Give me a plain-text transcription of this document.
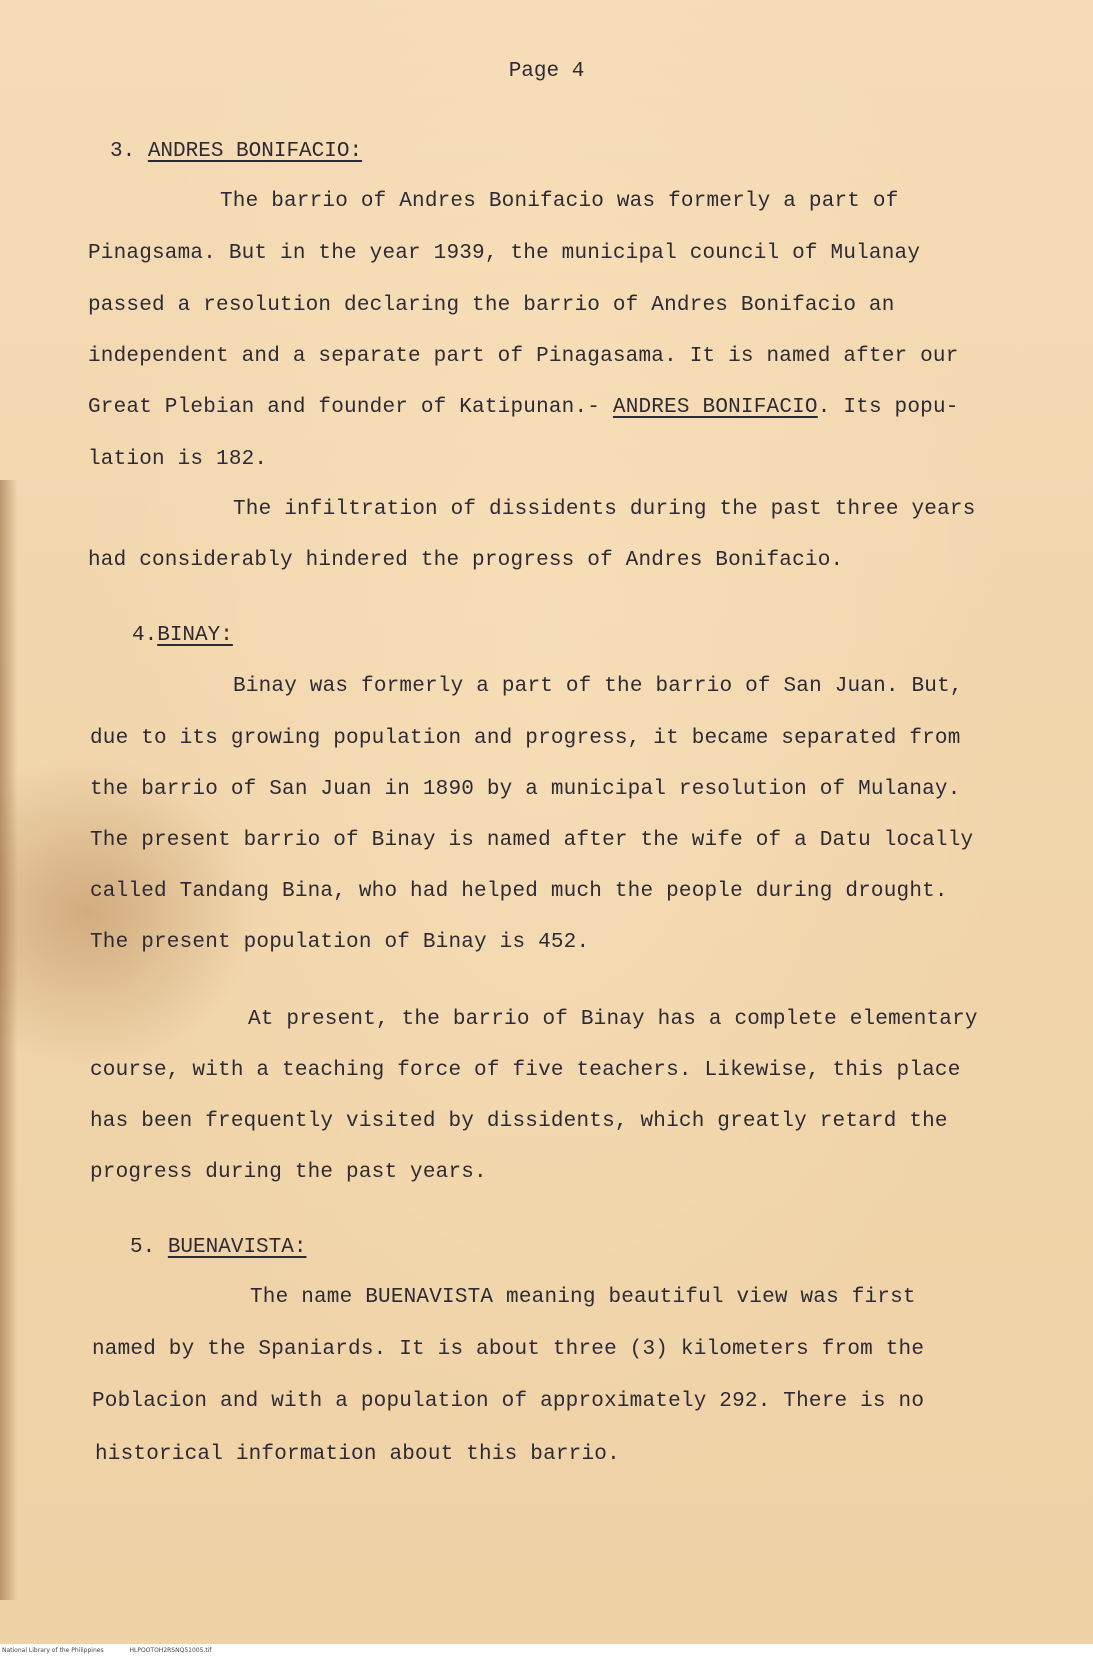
Page 4
3. ANDRES BONIFACIO:
The barrio of Andres Bonifacio was formerly a part of
Pinagsama. But in the year 1939, the municipal council of Mulanay
passed a resolution declaring the barrio of Andres Bonifacio an
independent and a separate part of Pinagasama. It is named after our
Great Plebian and founder of Katipunan.- ANDRES BONIFACIO. Its popu-
lation is 182.
The infiltration of dissidents during the past three years
had considerably hindered the progress of Andres Bonifacio.
4.BINAY:
Binay was formerly a part of the barrio of San Juan. But,
due to its growing population and progress, it became separated from
the barrio of San Juan in 1890 by a municipal resolution of Mulanay.
The present barrio of Binay is named after the wife of a Datu locally
called Tandang Bina, who had helped much the people during drought.
The present population of Binay is 452.
At present, the barrio of Binay has a complete elementary
course, with a teaching force of five teachers. Likewise, this place
has been frequently visited by dissidents, which greatly retard the
progress during the past years.
5. BUENAVISTA:
The name BUENAVISTA meaning beautiful view was first
named by the Spaniards. It is about three (3) kilometers from the
Poblacion and with a population of approximately 292. There is no
historical information about this barrio.
National Library of the Philippines	HLPOOTOH2RSNQ51005.tif
